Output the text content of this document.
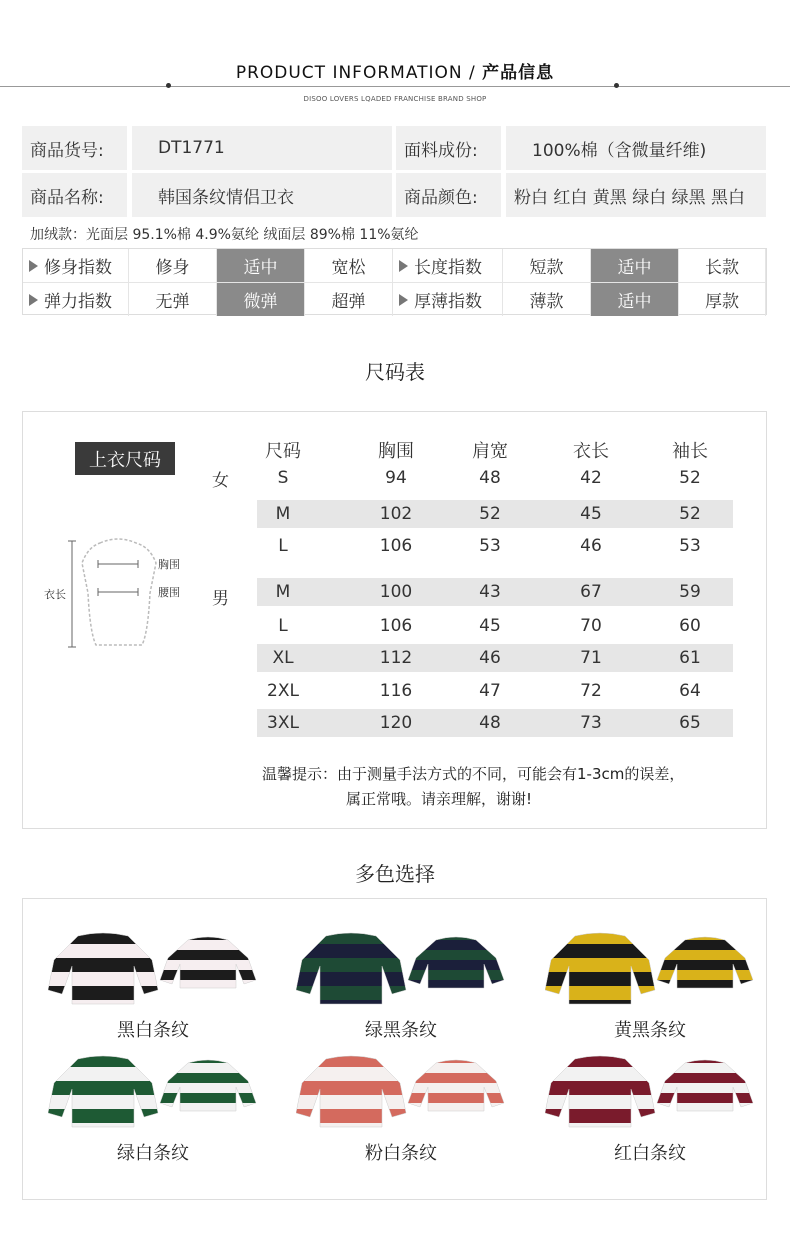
PRODUCT INFORMATION / 产品信息
DISOO LOVERS LQADED FRANCHISE BRAND SHOP
商品货号:	DT1771	面料成份:	100%棉（含微量纤维)
商品名称:	韩国条纹情侣卫衣	商品颜色:	粉白 红白 黄黑 绿白 绿黑 黑白
加绒款：光面层 95.1%棉 4.9%氨纶 绒面层 89%棉 11%氨纶
修身指数	修身	适中	宽松	长度指数	短款	适中	长款
弹力指数	无弹	微弹	超弹	厚薄指数	薄款	适中	厚款
尺码表
上衣尺码
胸围
腰围
衣长
女
男
尺码	胸围	肩宽	衣长	袖长
S	94	48	42	52
M	102	52	45	52
L	106	53	46	53
M	100	43	67	59
L	106	45	70	60
XL	112	46	71	61
2XL	116	47	72	64
3XL	120	48	73	65
温馨提示：由于测量手法方式的不同，可能会有1-3cm的误差，
属正常哦。请亲理解，谢谢!
多色选择
黑白条纹	绿黑条纹	黄黑条纹
绿白条纹	粉白条纹	红白条纹
